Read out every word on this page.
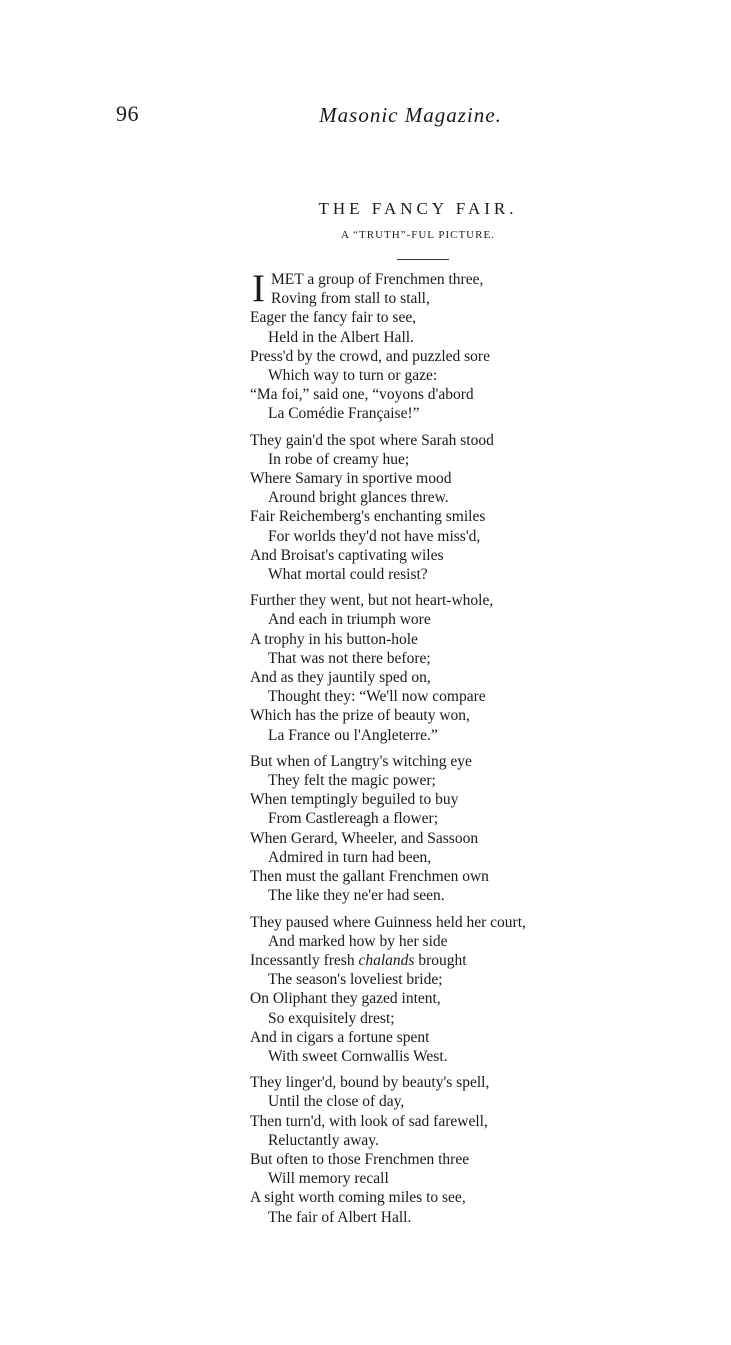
96	Masonic Magazine.
THE FANCY FAIR.
A “TRUTH”-FUL PICTURE.
I MET a group of Frenchmen three,
Roving from stall to stall,
Eager the fancy fair to see,
Held in the Albert Hall.
Press'd by the crowd, and puzzled sore
Which way to turn or gaze:
“Ma foi,” said one, “voyons d'abord
La Comédie Française!”
They gain'd the spot where Sarah stood
In robe of creamy hue;
Where Samary in sportive mood
Around bright glances threw.
Fair Reichemberg's enchanting smiles
For worlds they'd not have miss'd,
And Broisat's captivating wiles
What mortal could resist?
Further they went, but not heart-whole,
And each in triumph wore
A trophy in his button-hole
That was not there before;
And as they jauntily sped on,
Thought they: “We'll now compare
Which has the prize of beauty won,
La France ou l'Angleterre.”
But when of Langtry's witching eye
They felt the magic power;
When temptingly beguiled to buy
From Castlereagh a flower;
When Gerard, Wheeler, and Sassoon
Admired in turn had been,
Then must the gallant Frenchmen own
The like they ne'er had seen.
They paused where Guinness held her court,
And marked how by her side
Incessantly fresh chalands brought
The season's loveliest bride;
On Oliphant they gazed intent,
So exquisitely drest;
And in cigars a fortune spent
With sweet Cornwallis West.
They linger'd, bound by beauty's spell,
Until the close of day,
Then turn'd, with look of sad farewell,
Reluctantly away.
But often to those Frenchmen three
Will memory recall
A sight worth coming miles to see,
The fair of Albert Hall.
